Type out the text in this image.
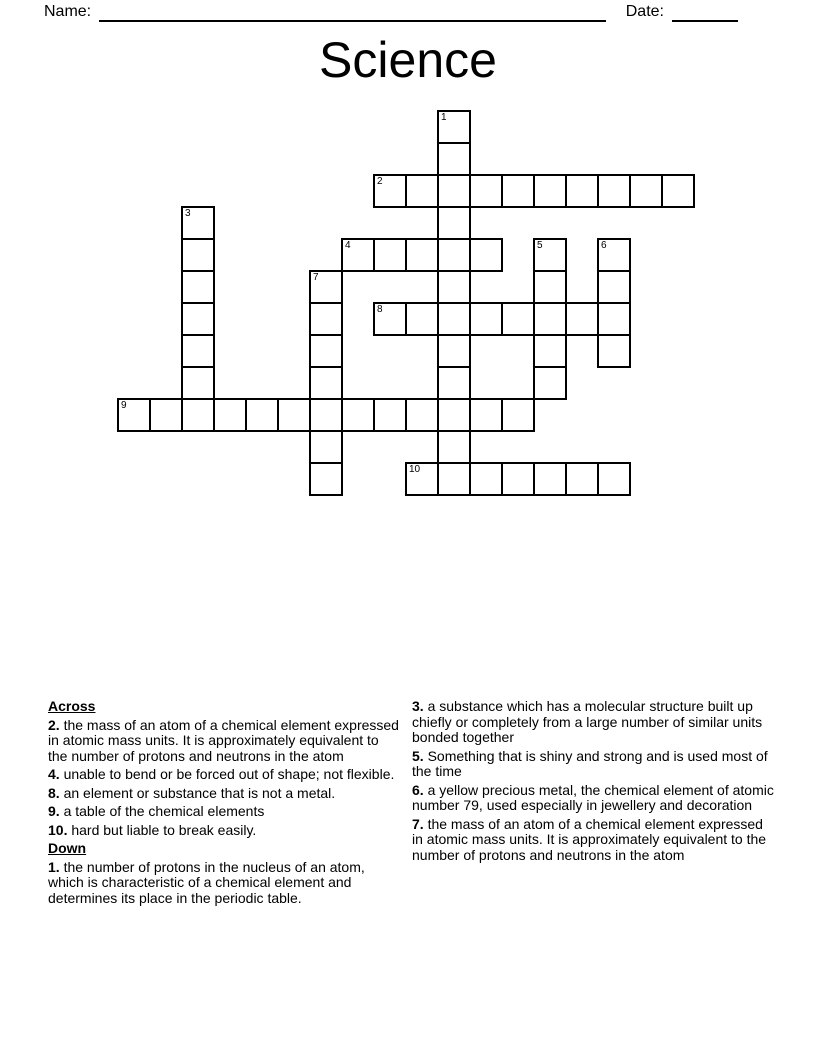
Name:	Date:
Science
1
2
3
4	5	6
7
8
9
10
Across

2. the mass of an atom of a chemical element expressed in atomic mass units. It is approximately equivalent to the number of protons and neutrons in the atom

4. unable to bend or be forced out of shape; not flexible.

8. an element or substance that is not a metal.

9. a table of the chemical elements

10. hard but liable to break easily.

Down

1. the number of protons in the nucleus of an atom, which is characteristic of a chemical element and determines its place in the periodic table.

3. a substance which has a molecular structure built up chiefly or completely from a large number of similar units bonded together

5. Something that is shiny and strong and is used most of the time

6. a yellow precious metal, the chemical element of atomic number 79, used especially in jewellery and decoration

7. the mass of an atom of a chemical element expressed in atomic mass units. It is approximately equivalent to the number of protons and neutrons in the atom
